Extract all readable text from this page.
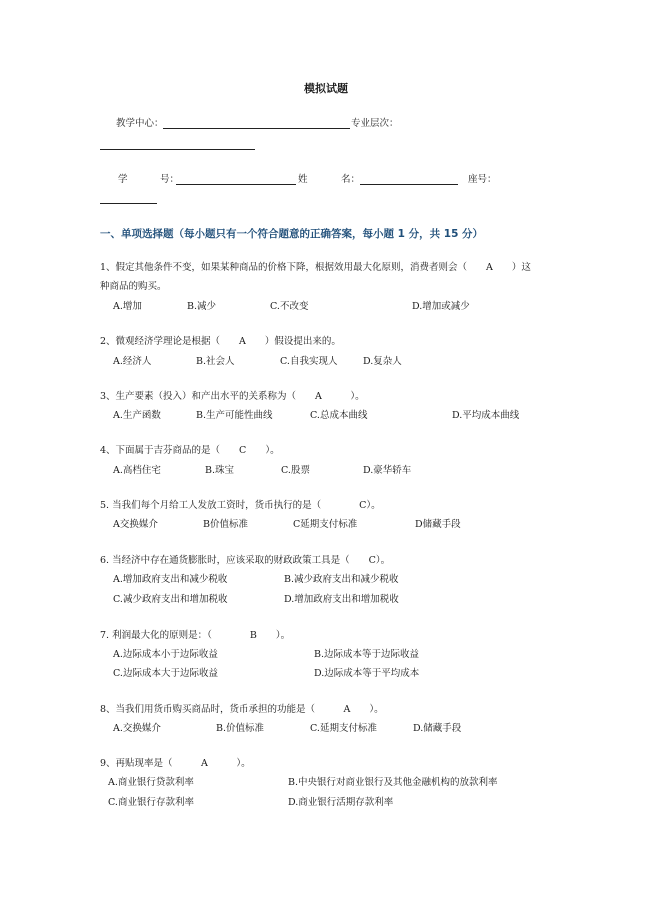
模拟试题
教学中心：	专业层次：
学	号：	姓	名：	座号：
一、单项选择题（每小题只有一个符合题意的正确答案，每小题 1 分，共 15 分）
1、假定其他条件不变，如果某种商品的价格下降，根据效用最大化原则，消费者则会（　　A　　）这
种商品的购买。
A.增加	B.减少	C.不改变	D.增加或减少
2、微观经济学理论是根据（　　A　　）假设提出来的。
A.经济人	B.社会人	C.自我实现人	D.复杂人
3、生产要素（投入）和产出水平的关系称为（　　A　　　）。
A.生产函数	B.生产可能性曲线	C.总成本曲线	D.平均成本曲线
4、下面属于吉芬商品的是（　　C　　）。
A.高档住宅	B.珠宝	C.股票	D.豪华轿车
5. 当我们每个月给工人发放工资时，货币执行的是（　　　　C）。
A交换媒介	B价值标准	C延期支付标准	D储藏手段
6. 当经济中存在通货膨胀时，应该采取的财政政策工具是（　　C）。
A.增加政府支出和减少税收	B.减少政府支出和减少税收
C.减少政府支出和增加税收	D.增加政府支出和增加税收
7. 利润最大化的原则是：（　　　　B　　）。
A.边际成本小于边际收益	B.边际成本等于边际收益
C.边际成本大于边际收益	D.边际成本等于平均成本
8、当我们用货币购买商品时，货币承担的功能是（　　　A　　）。
A.交换媒介	B.价值标准	C.延期支付标准	D.储藏手段
9、再贴现率是（　　　A　　　）。
A.商业银行贷款利率	B.中央银行对商业银行及其他金融机构的放款利率
C.商业银行存款利率	D.商业银行活期存款利率
